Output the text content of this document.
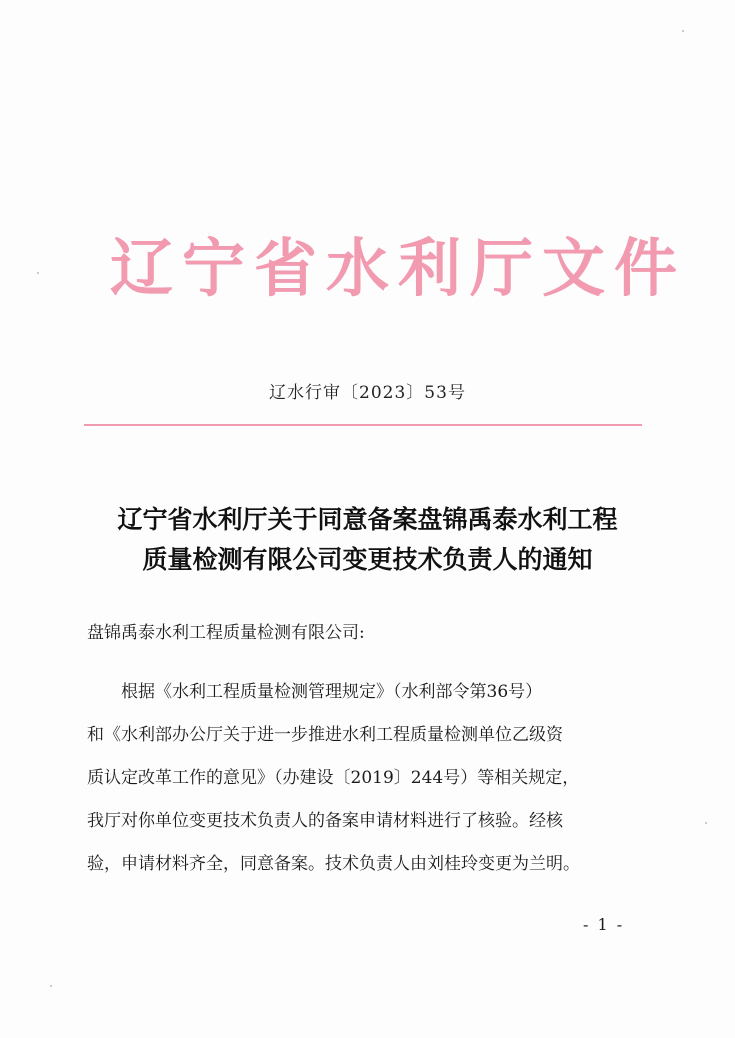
辽宁省水利厅文件
辽水行审〔2023〕53号
辽宁省水利厅关于同意备案盘锦禹泰水利工程
质量检测有限公司变更技术负责人的通知
盘锦禹泰水利工程质量检测有限公司:
根据《水利工程质量检测管理规定》（水利部令第36号）
和《水利部办公厅关于进一步推进水利工程质量检测单位乙级资
质认定改革工作的意见》（办建设〔2019〕244号）等相关规定，
我厅对你单位变更技术负责人的备案申请材料进行了核验。经核
验，申请材料齐全，同意备案。技术负责人由刘桂玲变更为兰明。
- 1 -
